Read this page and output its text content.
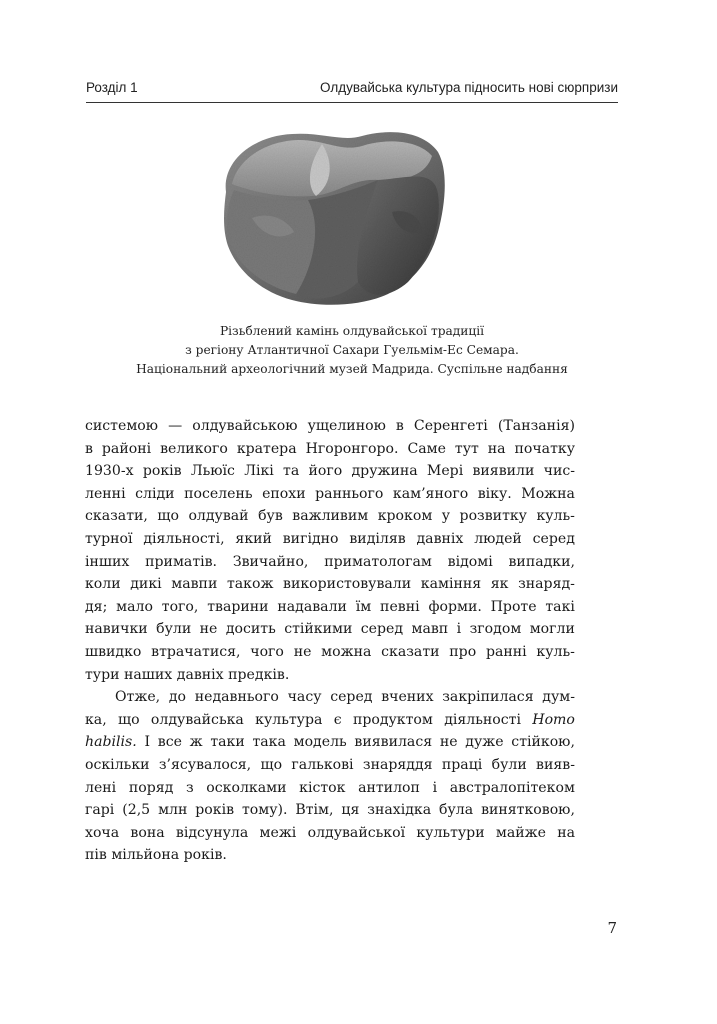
Розділ 1	Олдувайська культура підносить нові сюрпризи
Різьблений камінь олдувайської традиції
з регіону Атлантичної Сахари Гуельмім-Ес Семара.
Національний археологічний музей Мадрида. Суспільне надбання
системою — олдувайською ущелиною в Серенгеті (Танзанія)
в районі великого кратера Нгоронгоро. Саме тут на початку
1930-х років Льюїс Лікі та його дружина Мері виявили чис-
ленні сліди поселень епохи раннього кам’яного віку. Можна
сказати, що олдувай був важливим кроком у розвитку куль-
турної діяльності, який вигідно виділяв давніх людей серед
інших приматів. Звичайно, приматологам відомі випадки,
коли дикі мавпи також використовували каміння як знаряд-
дя; мало того, тварини надавали їм певні форми. Проте такі
навички були не досить стійкими серед мавп і згодом могли
швидко втрачатися, чого не можна сказати про ранні куль-
тури наших давніх предків.
Отже, до недавнього часу серед вчених закріпилася дум-
ка, що олдувайська культура є продуктом діяльності Homo
habilis. І все ж таки така модель виявилася не дуже стійкою,
оскільки з’ясувалося, що галькові знаряддя праці були вияв-
лені поряд з осколками кісток антилоп і австралопітеком
гарі (2,5 млн років тому). Втім, ця знахідка була винятковою,
хоча вона відсунула межі олдувайської культури майже на
пів мільйона років.
7
